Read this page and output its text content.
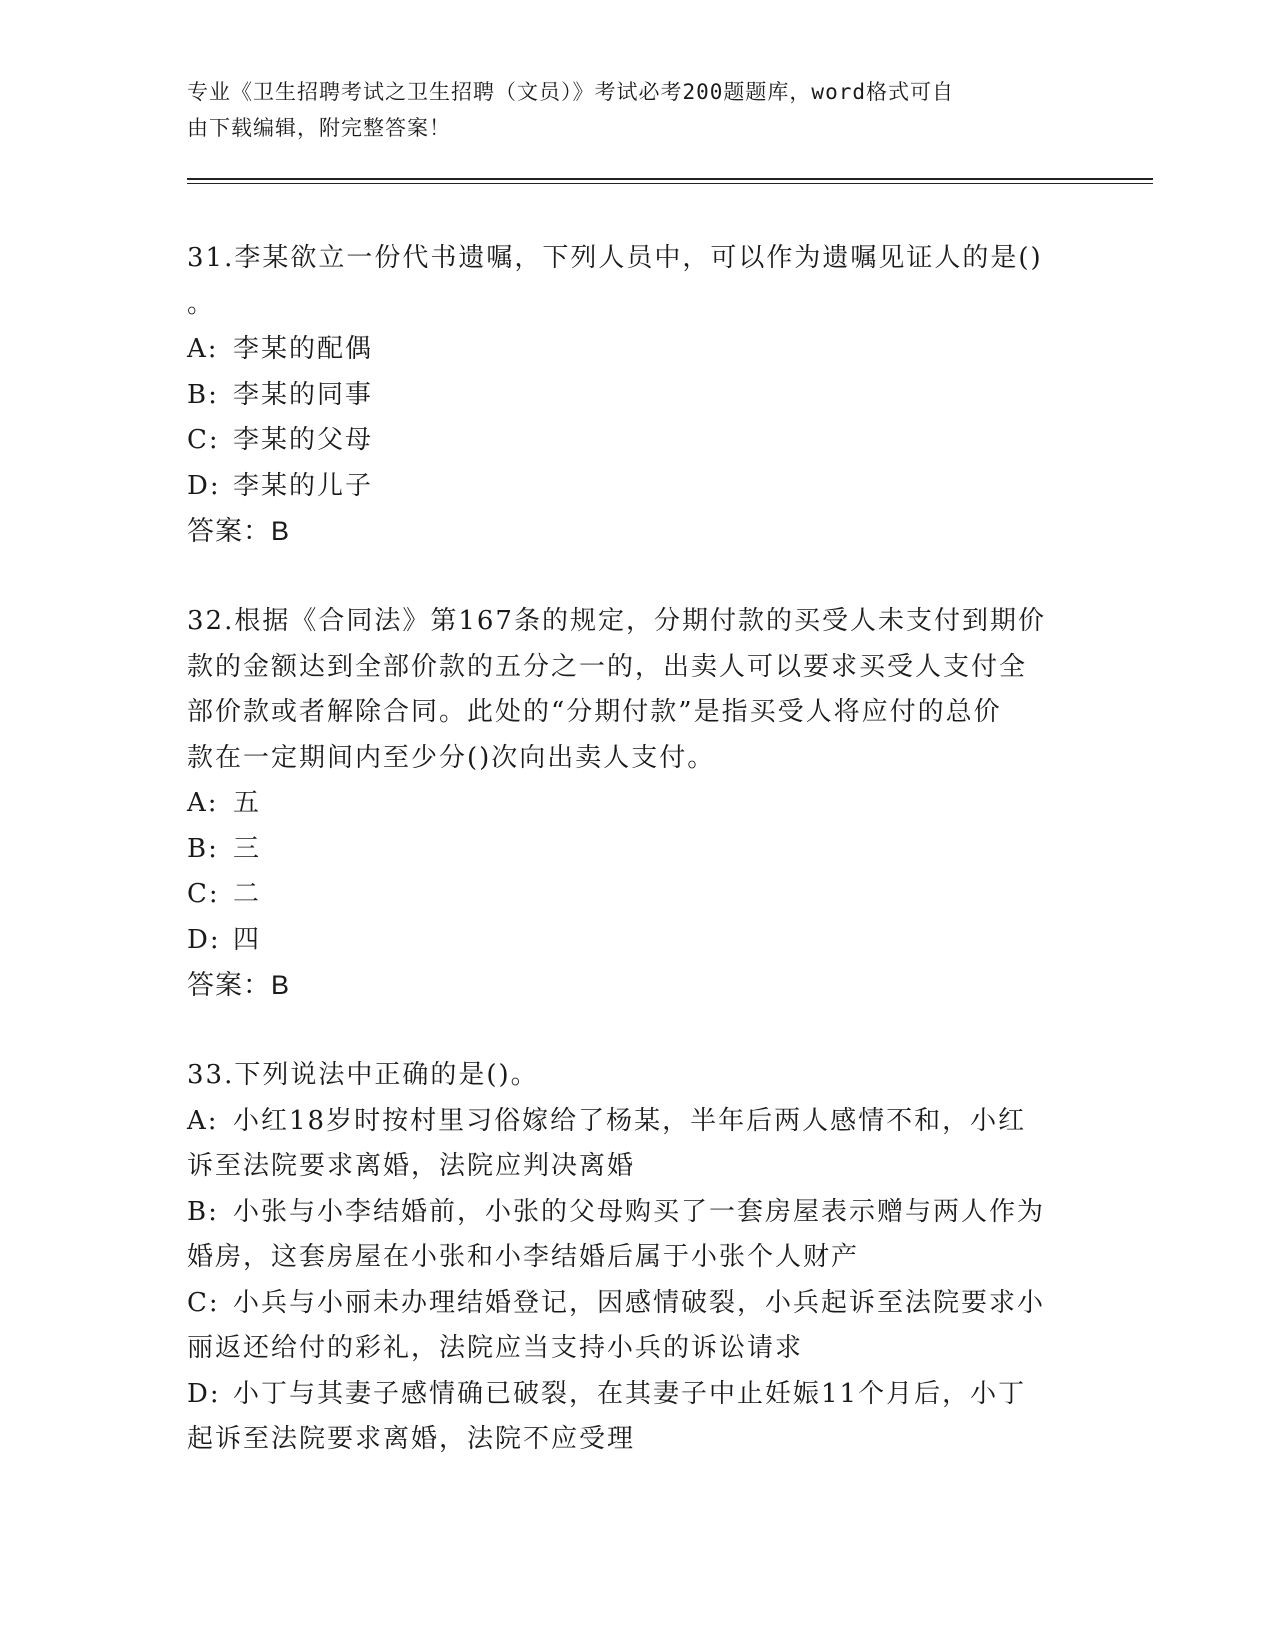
专业《卫生招聘考试之卫生招聘（文员）》考试必考200题题库，word格式可自
由下载编辑，附完整答案！
31.李某欲立一份代书遗嘱，下列人员中，可以作为遗嘱见证人的是()
。
A: 李某的配偶
B: 李某的同事
C: 李某的父母
D: 李某的儿子
答案：B
32.根据《合同法》第167条的规定，分期付款的买受人未支付到期价
款的金额达到全部价款的五分之一的，出卖人可以要求买受人支付全
部价款或者解除合同。此处的“分期付款”是指买受人将应付的总价
款在一定期间内至少分()次向出卖人支付。
A: 五
B: 三
C: 二
D: 四
答案：B
33.下列说法中正确的是()。
A: 小红18岁时按村里习俗嫁给了杨某，半年后两人感情不和，小红
诉至法院要求离婚，法院应判决离婚
B: 小张与小李结婚前，小张的父母购买了一套房屋表示赠与两人作为
婚房，这套房屋在小张和小李结婚后属于小张个人财产
C: 小兵与小丽未办理结婚登记，因感情破裂，小兵起诉至法院要求小
丽返还给付的彩礼，法院应当支持小兵的诉讼请求
D: 小丁与其妻子感情确已破裂，在其妻子中止妊娠11个月后，小丁
起诉至法院要求离婚，法院不应受理
